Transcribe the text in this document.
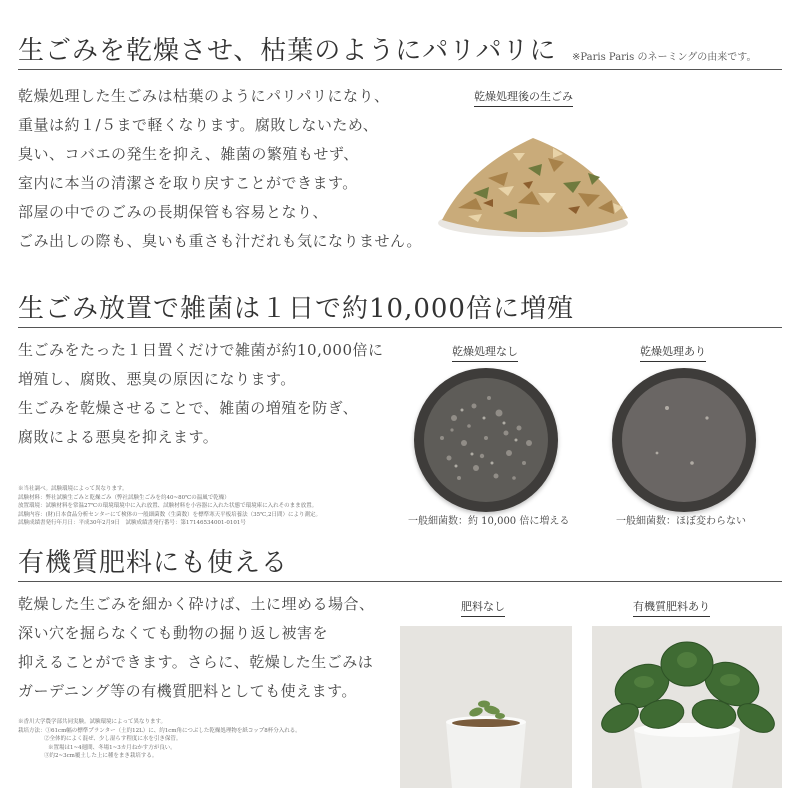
生ごみを乾燥させ、枯葉のようにパリパリに ※Paris Paris のネーミングの由来です。
乾燥処理した生ごみは枯葉のようにパリパリになり、
重量は約１/５まで軽くなります。腐敗しないため、
臭い、コバエの発生を抑え、雑菌の繁殖もせず、
室内に本当の清潔さを取り戻すことができます。
部屋の中でのごみの長期保管も容易となり、
ごみ出しの際も、臭いも重さも汁だれも気になりません。
乾燥処理後の生ごみ
生ごみ放置で雑菌は１日で約10,000倍に増殖
生ごみをたった１日置くだけで雑菌が約10,000倍に
増殖し、腐敗、悪臭の原因になります。
生ごみを乾燥させることで、雑菌の増殖を防ぎ、
腐敗による悪臭を抑えます。
※当社調べ。試験環境によって異なります。
試験材料：弊社試験生ごみと乾燥ごみ（弊社試験生ごみを約40~80℃の温風で乾燥）
放置環境：試験材料を常温27℃の環境環境中に入れ放置、試験材料を小容器に入れた状態で環境庫に入れそのまま放置。
試験内容：(財)日本食品分析センターにて検体の一般細菌数（生菌数）を標準寒天平板培養法（35℃,2日間）により測定。
試験成績書発行年月日：平成30年2月9日　試験成績書発行番号：第17146534001-0101号
乾燥処理なし	乾燥処理あり
一般細菌数：約 10,000 倍に増える	一般細菌数：ほぼ変わらない
有機質肥料にも使える
乾燥した生ごみを細かく砕けば、土に埋める場合、
深い穴を掘らなくても動物の掘り返し被害を
抑えることができます。さらに、乾燥した生ごみは
ガーデニング等の有機質肥料としても使えます。
※香川大学農学部共同実験。試験環境によって異なります。
栽培方法：①61cm幅の標準プランター（土約12L）に、約1cm角につぶした乾燥処理物を紙コップ8杯分入れる。
②全体的によく混ぜ、少し湿らす程度に水を引き保管。
※置場は1~4週間、冬場1~3カ月ねかす方が良い。
③約2~3cm覆土した上に種をまき栽培する。
肥料なし	有機質肥料あり
